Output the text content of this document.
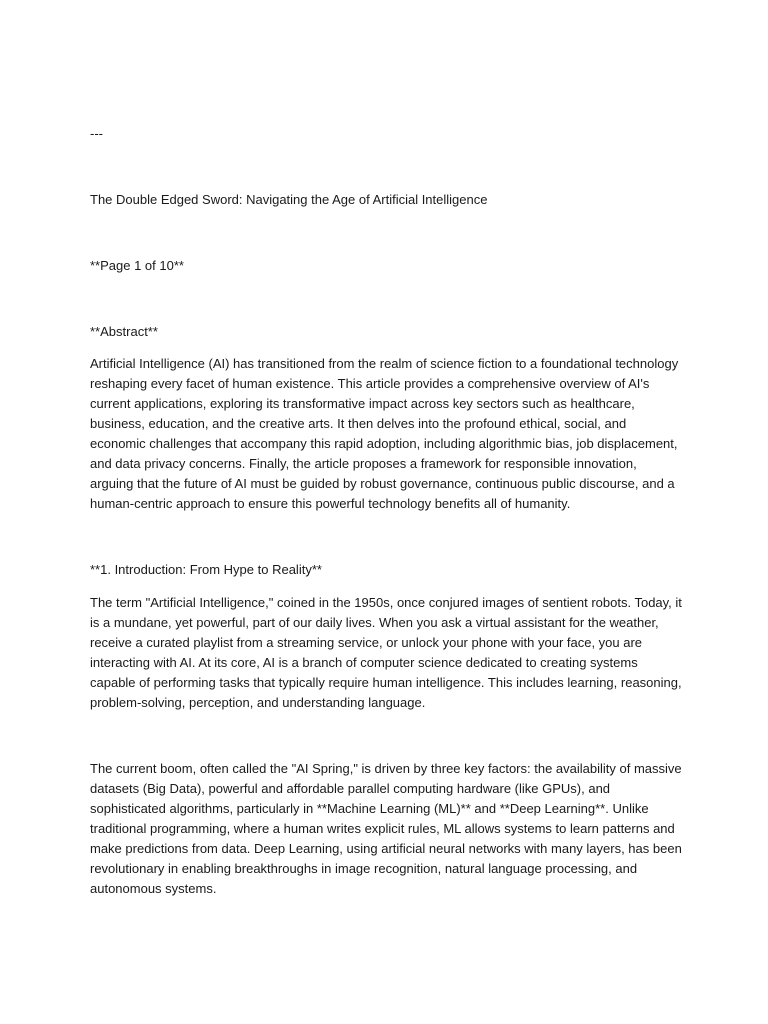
---

The Double Edged Sword: Navigating the Age of Artificial Intelligence

**Page 1 of 10**

**Abstract**

Artificial Intelligence (AI) has transitioned from the realm of science fiction to a foundational technology reshaping every facet of human existence. This article provides a comprehensive overview of AI's current applications, exploring its transformative impact across key sectors such as healthcare, business, education, and the creative arts. It then delves into the profound ethical, social, and economic challenges that accompany this rapid adoption, including algorithmic bias, job displacement, and data privacy concerns. Finally, the article proposes a framework for responsible innovation, arguing that the future of AI must be guided by robust governance, continuous public discourse, and a human-centric approach to ensure this powerful technology benefits all of humanity.

**1. Introduction: From Hype to Reality**

The term "Artificial Intelligence," coined in the 1950s, once conjured images of sentient robots. Today, it is a mundane, yet powerful, part of our daily lives. When you ask a virtual assistant for the weather, receive a curated playlist from a streaming service, or unlock your phone with your face, you are interacting with AI. At its core, AI is a branch of computer science dedicated to creating systems capable of performing tasks that typically require human intelligence. This includes learning, reasoning, problem-solving, perception, and understanding language.

The current boom, often called the "AI Spring," is driven by three key factors: the availability of massive datasets (Big Data), powerful and affordable parallel computing hardware (like GPUs), and sophisticated algorithms, particularly in **Machine Learning (ML)** and **Deep Learning**. Unlike traditional programming, where a human writes explicit rules, ML allows systems to learn patterns and make predictions from data. Deep Learning, using artificial neural networks with many layers, has been revolutionary in enabling breakthroughs in image recognition, natural language processing, and autonomous systems.
